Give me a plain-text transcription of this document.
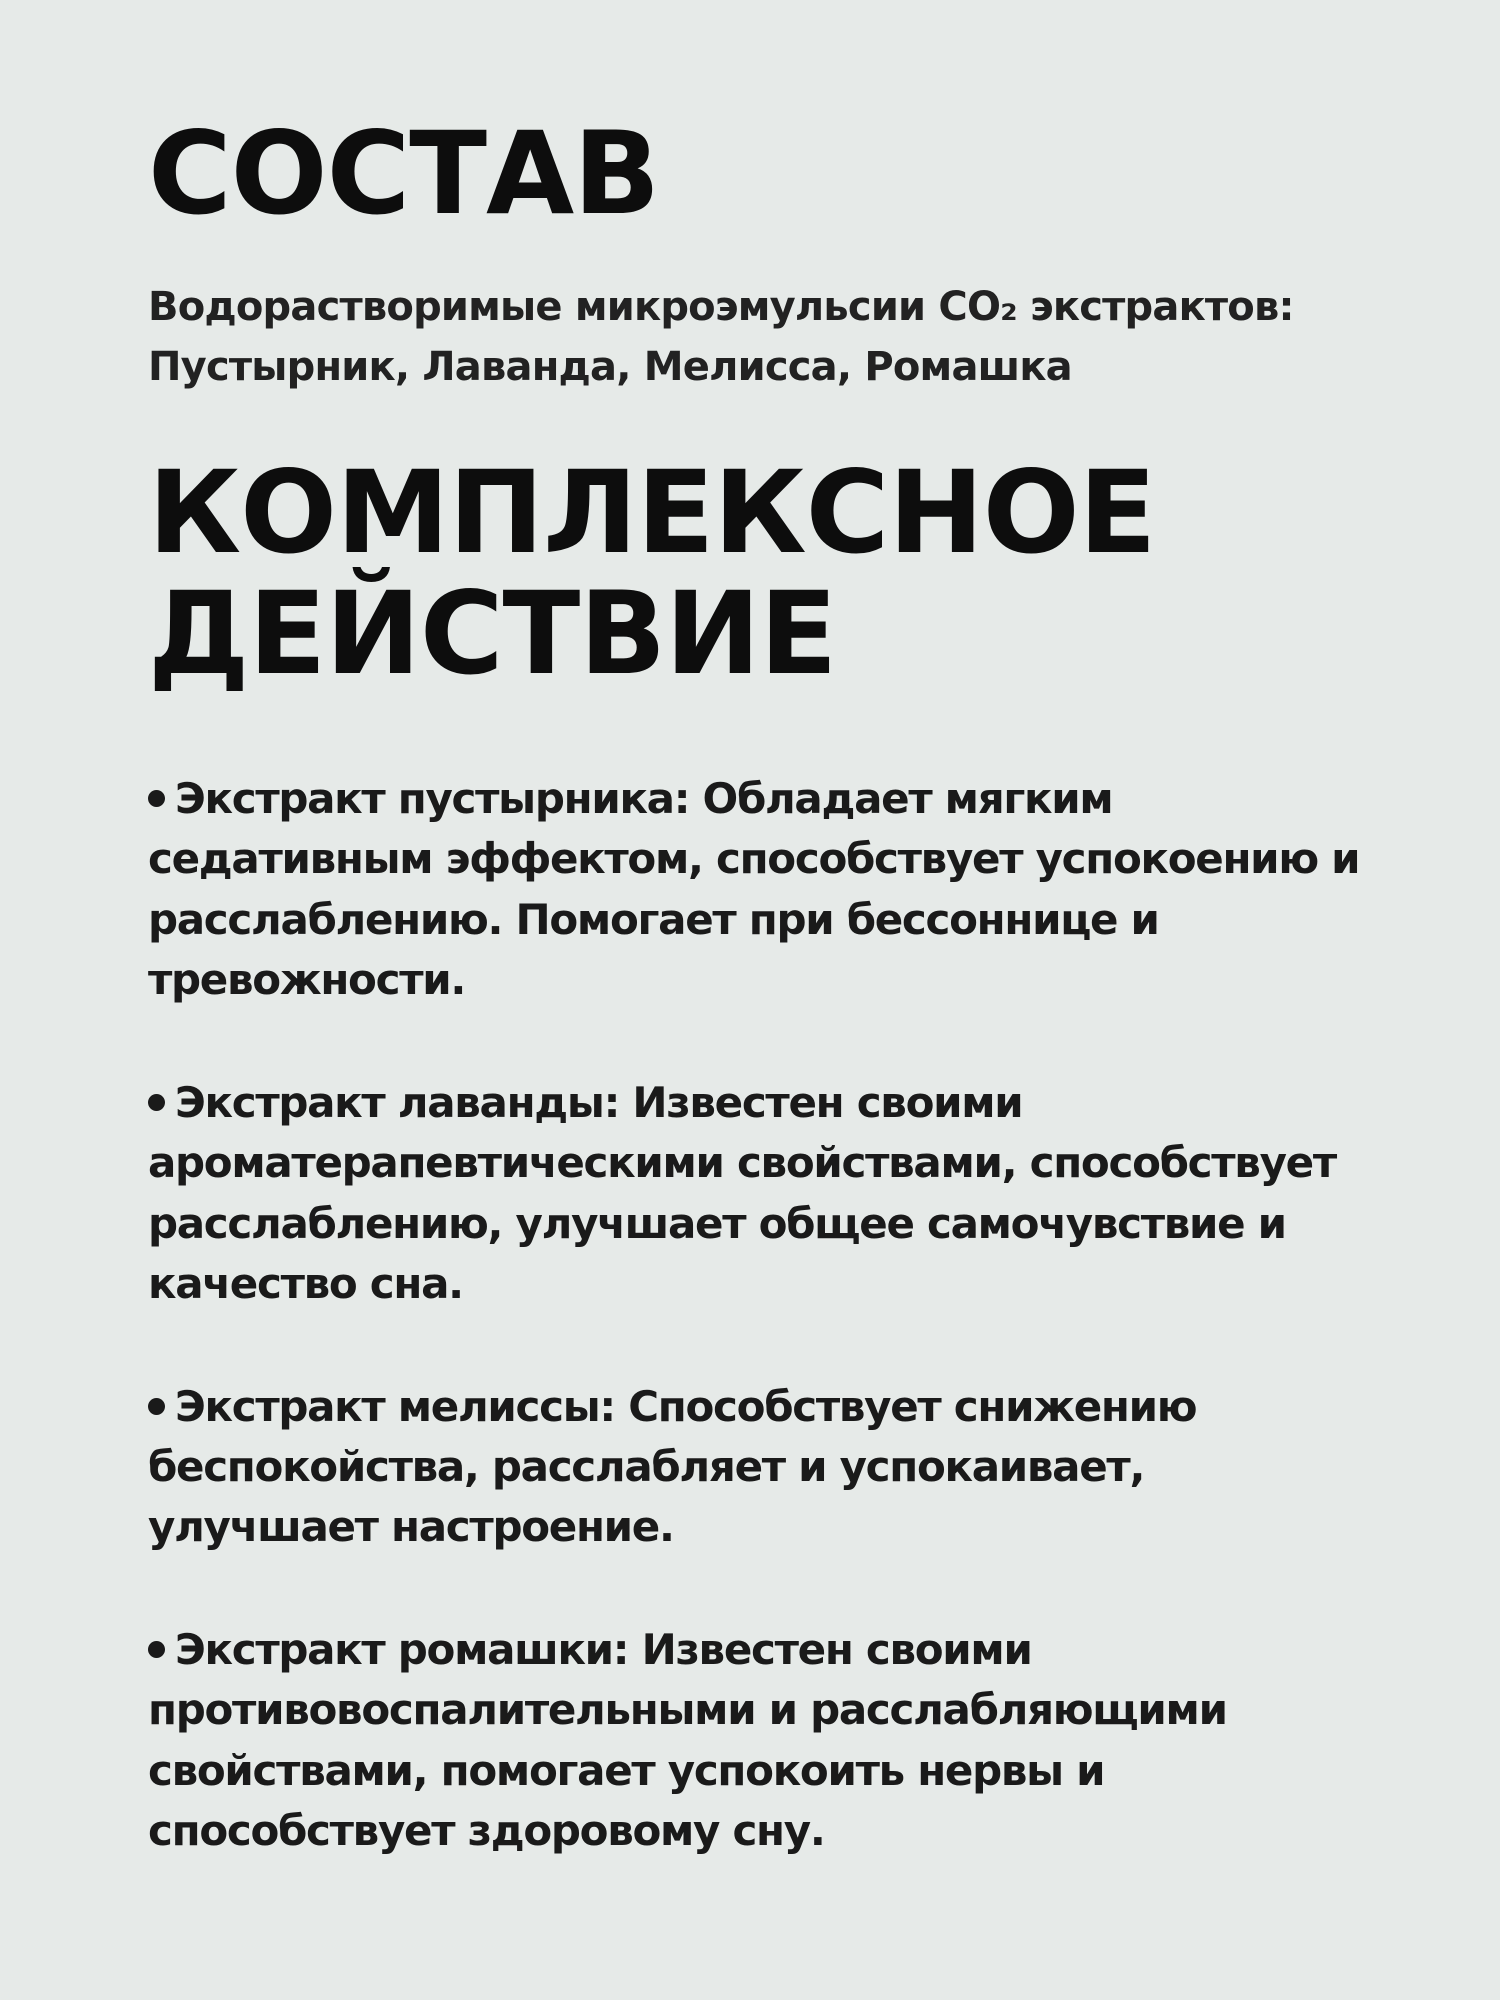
СОСТАВ

Водорастворимые микроэмульсии CO₂ экстрактов: Пустырник, Лаванда, Мелисса, Ромашка

КОМПЛЕКСНОЕ ДЕЙСТВИЕ
Экстракт пустырника: Обладает мягким седативным эффектом, способствует успокоению и расслаблению. Помогает при бессоннице и тревожности.
Экстракт лаванды: Известен своими ароматерапевтическими свойствами, способствует расслаблению, улучшает общее самочувствие и качество сна.
Экстракт мелиссы: Способствует снижению беспокойства, расслабляет и успокаивает, улучшает настроение.
Экстракт ромашки: Известен своими противовоспалительными и расслабляющими свойствами, помогает успокоить нервы и способствует здоровому сну.
